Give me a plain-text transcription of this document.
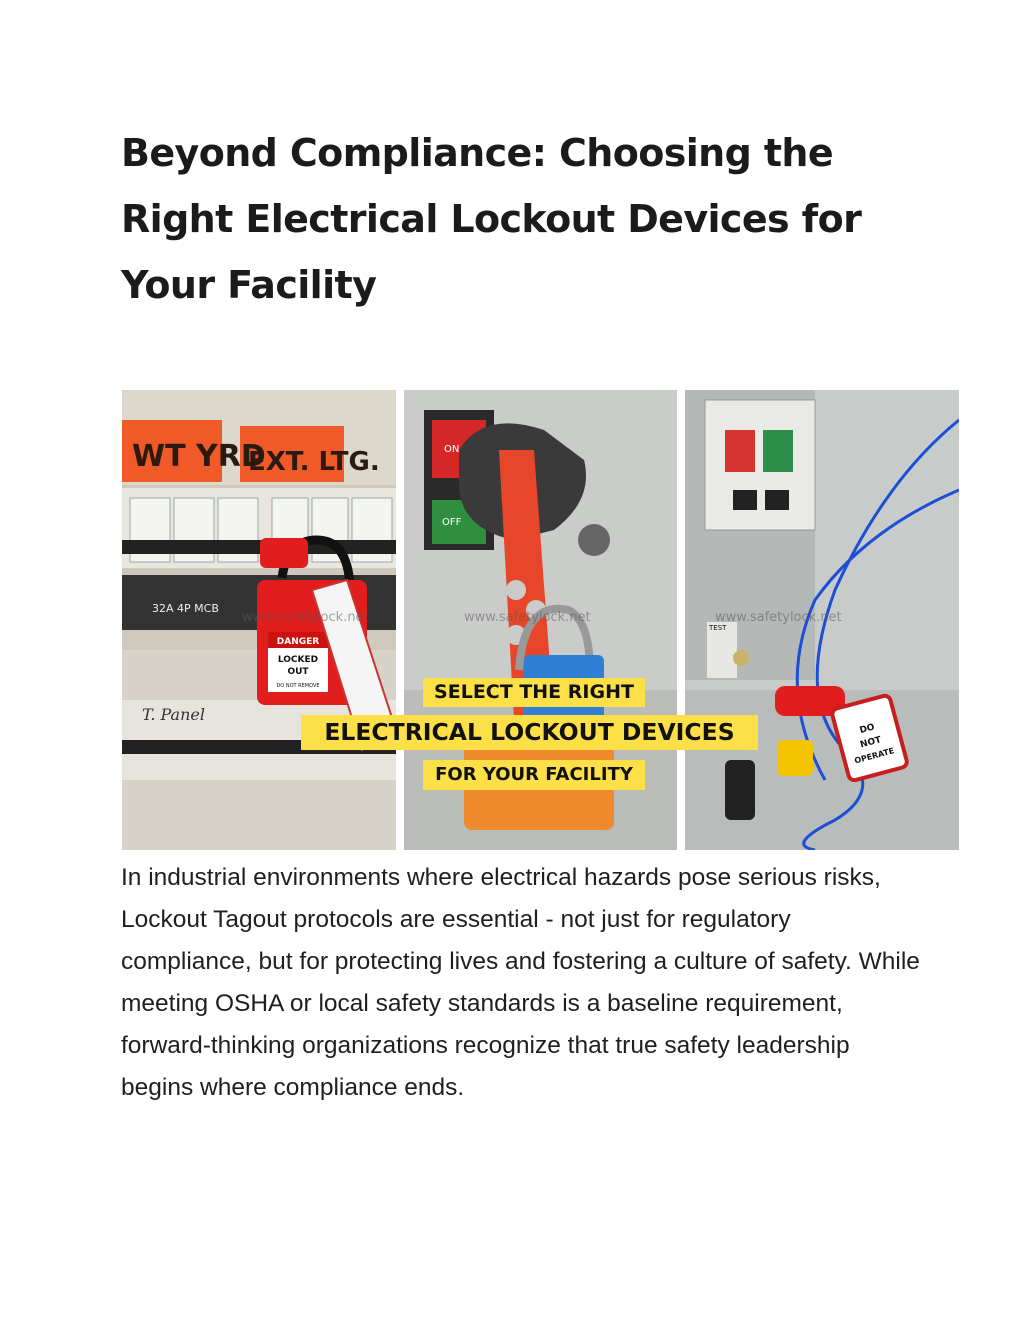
Beyond Compliance: Choosing the Right Electrical Lockout Devices for Your Facility
WT YRD
EXT. LTG.
32A 4P MCB
T. Panel
DANGER
LOCKED
OUT
DO NOT REMOVE
www.safetylock.net
ON
OFF
www.safetylock.net
TEST
DO
NOT
OPERATE
www.safetylock.net
SELECT THE RIGHT
ELECTRICAL LOCKOUT DEVICES
FOR YOUR FACILITY

In industrial environments where electrical hazards pose serious risks, Lockout Tagout protocols are essential - not just for regulatory compliance, but for protecting lives and fostering a culture of safety. While meeting OSHA or local safety standards is a baseline requirement, forward-thinking organizations recognize that true safety leadership begins where compliance ends.
